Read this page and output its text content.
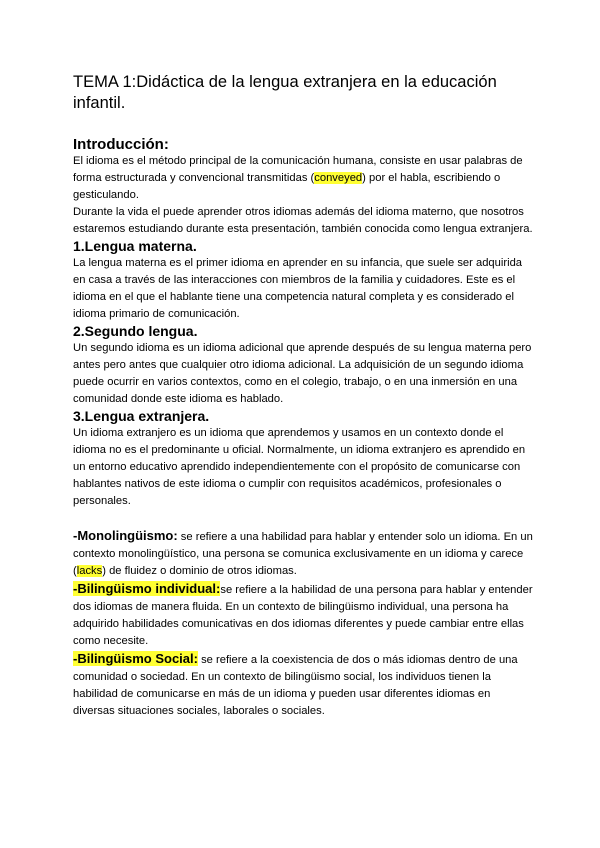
TEMA 1:Didáctica de la lengua extranjera en la educación infantil.
Introducción:

El idioma es el método principal de la comunicación humana, consiste en usar palabras de forma estructurada y convencional transmitidas (conveyed) por el habla, escribiendo o gesticulando.

Durante la vida el puede aprender otros idiomas además del idioma materno, que nosotros estaremos estudiando durante esta presentación, también conocida como lengua extranjera.

1.Lengua materna.

La lengua materna es el primer idioma en aprender en su infancia, que suele ser adquirida en casa a través de las interacciones con miembros de la familia y cuidadores. Este es el idioma en el que el hablante tiene una competencia natural completa y es considerado el idioma primario de comunicación.

2.Segundo lengua.

Un segundo idioma es un idioma adicional que aprende después de su lengua materna pero antes pero antes que cualquier otro idioma adicional. La adquisición de un segundo idioma puede ocurrir en varios contextos, como en el colegio, trabajo, o en una inmersión en una comunidad donde este idioma es hablado.

3.Lengua extranjera.

Un idioma extranjero es un idioma que aprendemos y usamos en un contexto donde el idioma no es el predominante u oficial. Normalmente, un idioma extranjero es aprendido en un entorno educativo aprendido independientemente con el propósito de comunicarse con hablantes nativos de este idioma o cumplir con requisitos académicos, profesionales o personales.

-Monolingüismo: se refiere a una habilidad para hablar y entender solo un idioma. En un contexto monolingüístico, una persona se comunica exclusivamente en un idioma y carece (lacks) de fluidez o dominio de otros idiomas.

-Bilingüismo individual:se refiere a la habilidad de una persona para hablar y entender dos idiomas de manera fluida. En un contexto de bilingüismo individual, una persona ha adquirido habilidades comunicativas en dos idiomas diferentes y puede cambiar entre ellas como necesite.

-Bilingüismo Social: se refiere a la coexistencia de dos o más idiomas dentro de una comunidad o sociedad. En un contexto de bilingüismo social, los individuos tienen la habilidad de comunicarse en más de un idioma y pueden usar diferentes idiomas en diversas situaciones sociales, laborales o sociales.
